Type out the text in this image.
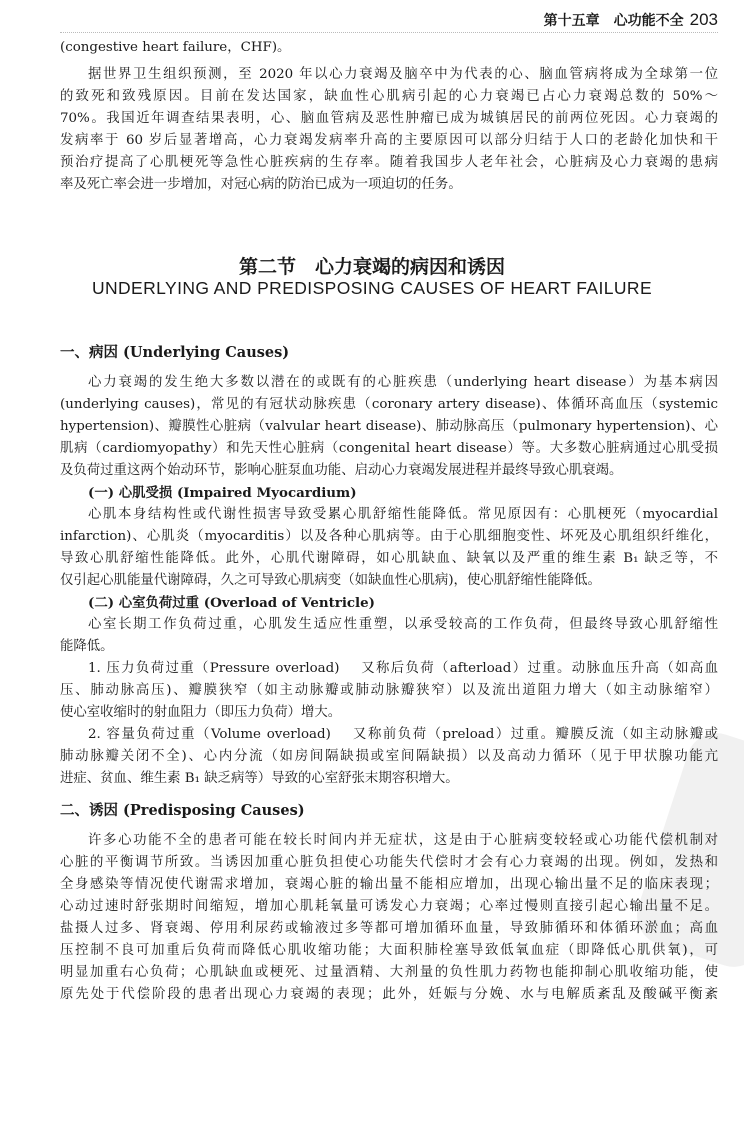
第十五章　心功能不全 203
(congestive heart failure，CHF)。
据世界卫生组织预测，至 2020 年以心力衰竭及脑卒中为代表的心、脑血管病将成为全球第一位
的致死和致残原因。目前在发达国家，缺血性心肌病引起的心力衰竭已占心力衰竭总数的 50%～
70%。我国近年调查结果表明，心、脑血管病及恶性肿瘤已成为城镇居民的前两位死因。心力衰竭的
发病率于 60 岁后显著增高，心力衰竭发病率升高的主要原因可以部分归结于人口的老龄化加快和干
预治疗提高了心肌梗死等急性心脏疾病的生存率。随着我国步人老年社会，心脏病及心力衰竭的患病
率及死亡率会进一步增加，对冠心病的防治已成为一项迫切的任务。
第二节　心力衰竭的病因和诱因
UNDERLYING AND PREDISPOSING CAUSES OF HEART FAILURE
一、病因 (Underlying Causes)
心力衰竭的发生绝大多数以潜在的或既有的心脏疾患（underlying heart disease）为基本病因
(underlying causes)，常见的有冠状动脉疾患（coronary artery disease)、体循环高血压（systemic
hypertension)、瓣膜性心脏病（valvular heart disease)、肺动脉高压（pulmonary hypertension)、心
肌病（cardiomyopathy）和先天性心脏病（congenital heart disease）等。大多数心脏病通过心肌受损
及负荷过重这两个始动环节，影响心脏泵血功能、启动心力衰竭发展进程并最终导致心肌衰竭。
(一) 心肌受损 (Impaired Myocardium)
心肌本身结构性或代谢性损害导致受累心肌舒缩性能降低。常见原因有：心肌梗死（myocardial
infarction)、心肌炎（myocarditis）以及各种心肌病等。由于心肌细胞变性、坏死及心肌组织纤维化，
导致心肌舒缩性能降低。此外，心肌代谢障碍，如心肌缺血、缺氧以及严重的维生素 B₁ 缺乏等，不
仅引起心肌能量代谢障碍，久之可导致心肌病变（如缺血性心肌病)，使心肌舒缩性能降低。
(二) 心室负荷过重 (Overload of Ventricle)
心室长期工作负荷过重，心肌发生适应性重塑，以承受较高的工作负荷，但最终导致心肌舒缩性
能降低。
1. 压力负荷过重（Pressure overload)　 又称后负荷（afterload）过重。动脉血压升高（如高血
压、肺动脉高压)、瓣膜狭窄（如主动脉瓣或肺动脉瓣狭窄）以及流出道阻力增大（如主动脉缩窄）
使心室收缩时的射血阻力（即压力负荷）增大。
2. 容量负荷过重（Volume overload)　 又称前负荷（preload）过重。瓣膜反流（如主动脉瓣或
肺动脉瓣关闭不全)、心内分流（如房间隔缺损或室间隔缺损）以及高动力循环（见于甲状腺功能亢
进症、贫血、维生素 B₁ 缺乏病等）导致的心室舒张末期容积增大。
二、诱因 (Predisposing Causes)
许多心功能不全的患者可能在较长时间内并无症状，这是由于心脏病变较轻或心功能代偿机制对
心脏的平衡调节所致。当诱因加重心脏负担使心功能失代偿时才会有心力衰竭的出现。例如，发热和
全身感染等情况使代谢需求增加，衰竭心脏的输出量不能相应增加，出现心输出量不足的临床表现；
心动过速时舒张期时间缩短，增加心肌耗氧量可诱发心力衰竭；心率过慢则直接引起心输出量不足。
盐摄人过多、肾衰竭、停用利尿药或输液过多等都可增加循环血量，导致肺循环和体循环淤血；高血
压控制不良可加重后负荷而降低心肌收缩功能；大面积肺栓塞导致低氧血症（即降低心肌供氧)，可
明显加重右心负荷；心肌缺血或梗死、过量酒精、大剂量的负性肌力药物也能抑制心肌收缩功能，使
原先处于代偿阶段的患者出现心力衰竭的表现；此外，妊娠与分娩、水与电解质紊乱及酸碱平衡紊
